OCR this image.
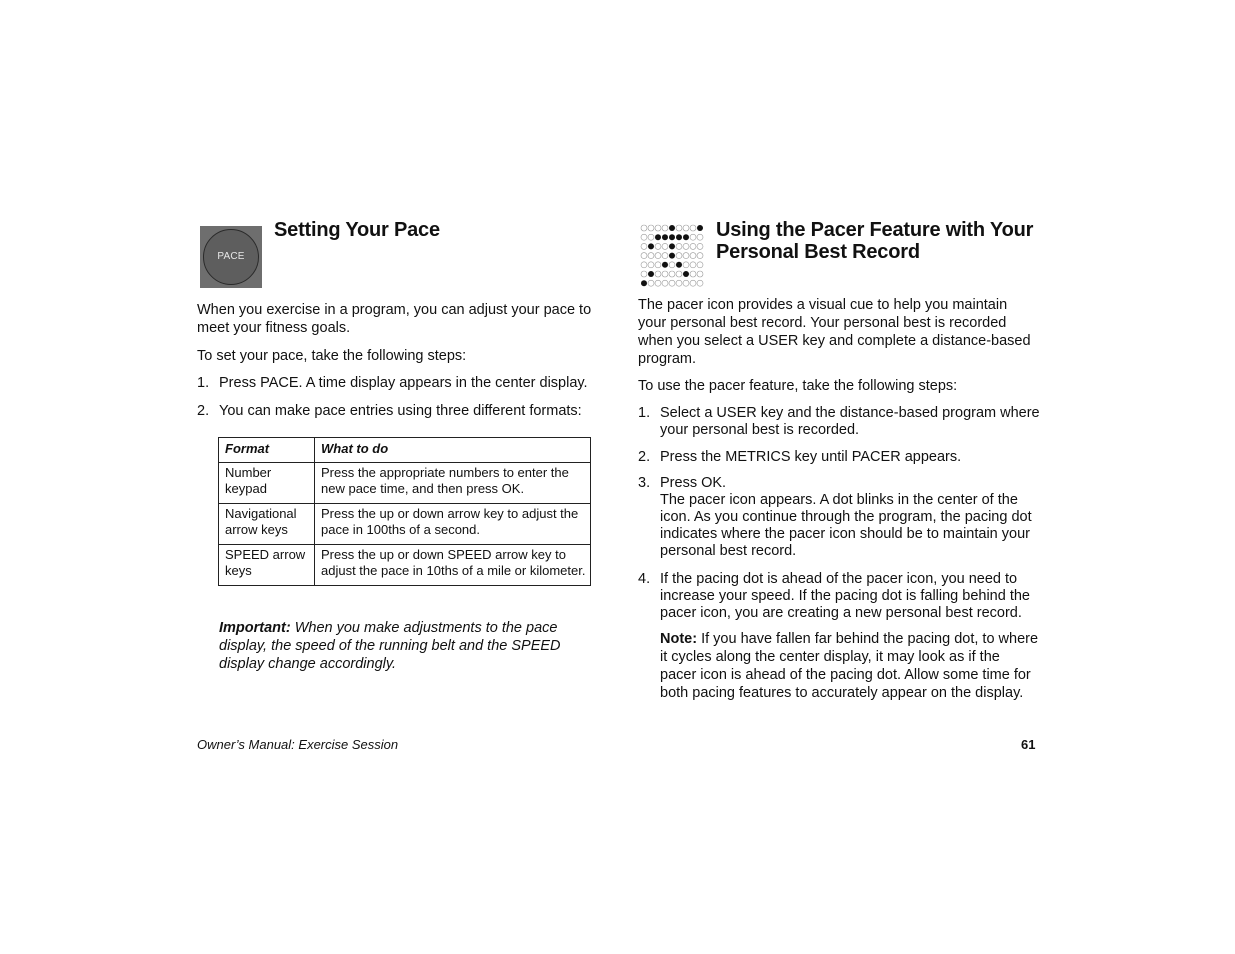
PACE
Setting Your Pace

When you exercise in a program, you can adjust your pace to meet your fitness goals.

To set your pace, take the following steps:

1. Press PACE. A time display appears in the center display.
2. You can make pace entries using three different formats:
Format	What to do
Number keypad	Press the appropriate numbers to enter the new pace time, and then press OK.
Navigational arrow keys	Press the up or down arrow key to adjust the pace in 100ths of a second.
SPEED arrow keys	Press the up or down SPEED arrow key to adjust the pace in 10ths of a mile or kilometer.

Important: When you make adjustments to the pace display, the speed of the running belt and the SPEED display change accordingly.

Using the Pacer Feature with Your
Personal Best Record

The pacer icon provides a visual cue to help you maintain your personal best record. Your personal best is recorded when you select a USER key and complete a distance-based program.

To use the pacer feature, take the following steps:

1. Select a USER key and the distance-based program where your personal best is recorded.
2. Press the METRICS key until PACER appears.
3. Press OK.

The pacer icon appears. A dot blinks in the center of the icon. As you continue through the program, the pacing dot indicates where the pacer icon should be to maintain your personal best record.

4. If the pacing dot is ahead of the pacer icon, you need to increase your speed. If the pacing dot is falling behind the pacer icon, you are creating a new personal best record.

Note: If you have fallen far behind the pacing dot, to where it cycles along the center display, it may look as if the pacer icon is ahead of the pacing dot. Allow some time for both pacing features to accurately appear on the display.

Owner’s Manual: Exercise Session	61
